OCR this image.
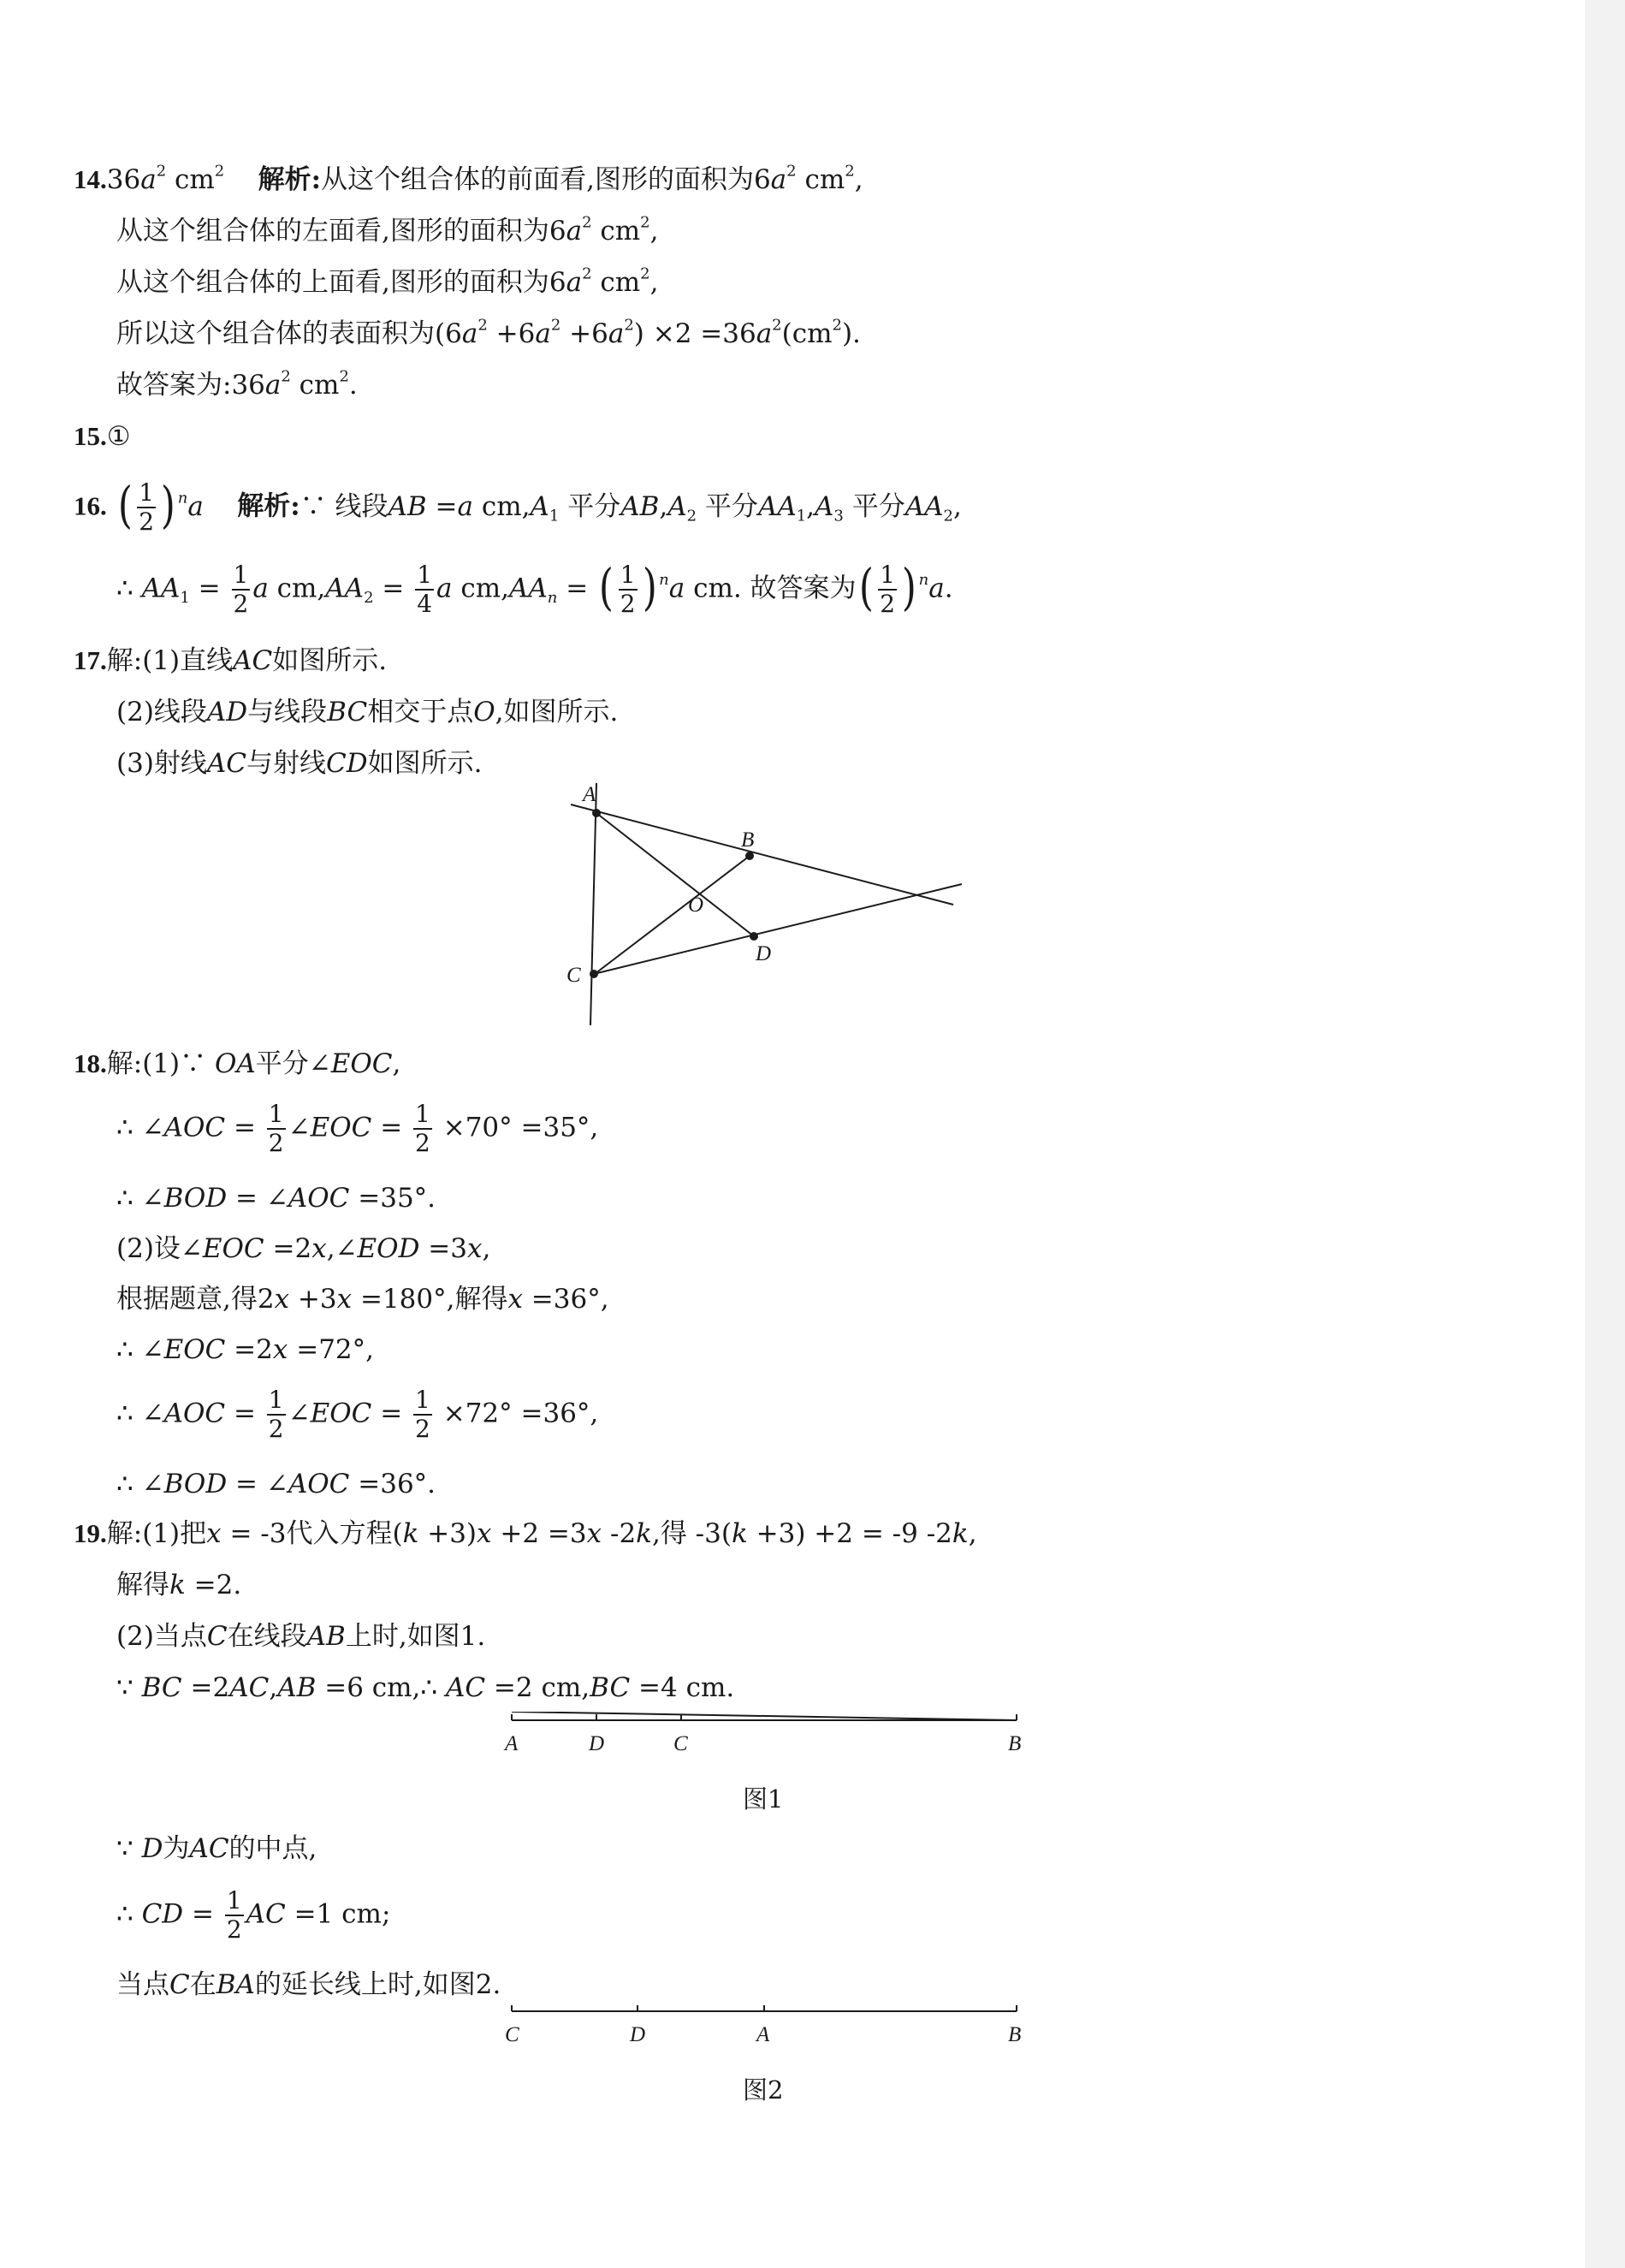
$14.36a^2$ $cm^2$ 解析:从这个组合体的前面看,图形的面积为$6a^2$ $cm^2$,
从这个组合体的左面看,图形的面积为$6a^2$ $cm^2$,
从这个组合体的上面看,图形的面积为$6a^2$ $cm^2$,
所以这个组合体的表面积为$(6a^2 +6a^2 +6a^2) \times 2 =36a^2(cm^2)$.
故答案为$:36a^2$ $cm^2$.
15.①
16. ( $\frac{1}{2}$ ) $^n$a 解析:∵ 线段AB =a $cm,A_1$ 平分$AB,A_2$ 平分$AA_1,A_3$ 平分$AA_2$,
∴ $AA_1 = \frac{1}{2}$ a $cm,AA_2 = \frac{1}{4}$ a $cm,AA_n$ = ( $\frac{1}{2}$ ) $^n$a cm. 故答案为( $\frac{1}{2}$ ) $^n$a.
17.解:(1)直线AC如图所示.
(2)线段AD与线段BC相交于点O,如图所示.
(3)射线AC与射线CD如图所示.
A
B
C
D
O
18.解:(1)∵ OA平分∠EOC,
∴ ∠AOC = $\frac{1}{2}$ ∠EOC = $\frac{1}{2} \times 70^\circ =35^\circ$,
∴ ∠BOD = ∠AOC =35°.
(2)设∠EOC =2x,∠EOD =3x,
根据题意,得2x +3x =180°,解得x =36°,
∴ ∠EOC =2x =72°,
∴ ∠AOC = $\frac{1}{2}$ ∠EOC = $\frac{1}{2} \times 72^\circ =36^\circ$,
∴ ∠BOD = ∠AOC =36°.
19.解:(1)把x = -3代入方程(k +3)x +2 =3x -2k,得 -3(k +3) +2 = -9 -2k,
解得k =2.
(2)当点C在线段AB上时,如图1.
∵ BC =2AC,AB =6 cm,∴ AC =2 cm,BC =4 cm.
A	D	C	B
图1
∵ D为AC的中点,
∴ CD = $\frac{1}{2}$ AC =1 cm;
当点C在BA的延长线上时,如图2.
C	D	A	B
图2
